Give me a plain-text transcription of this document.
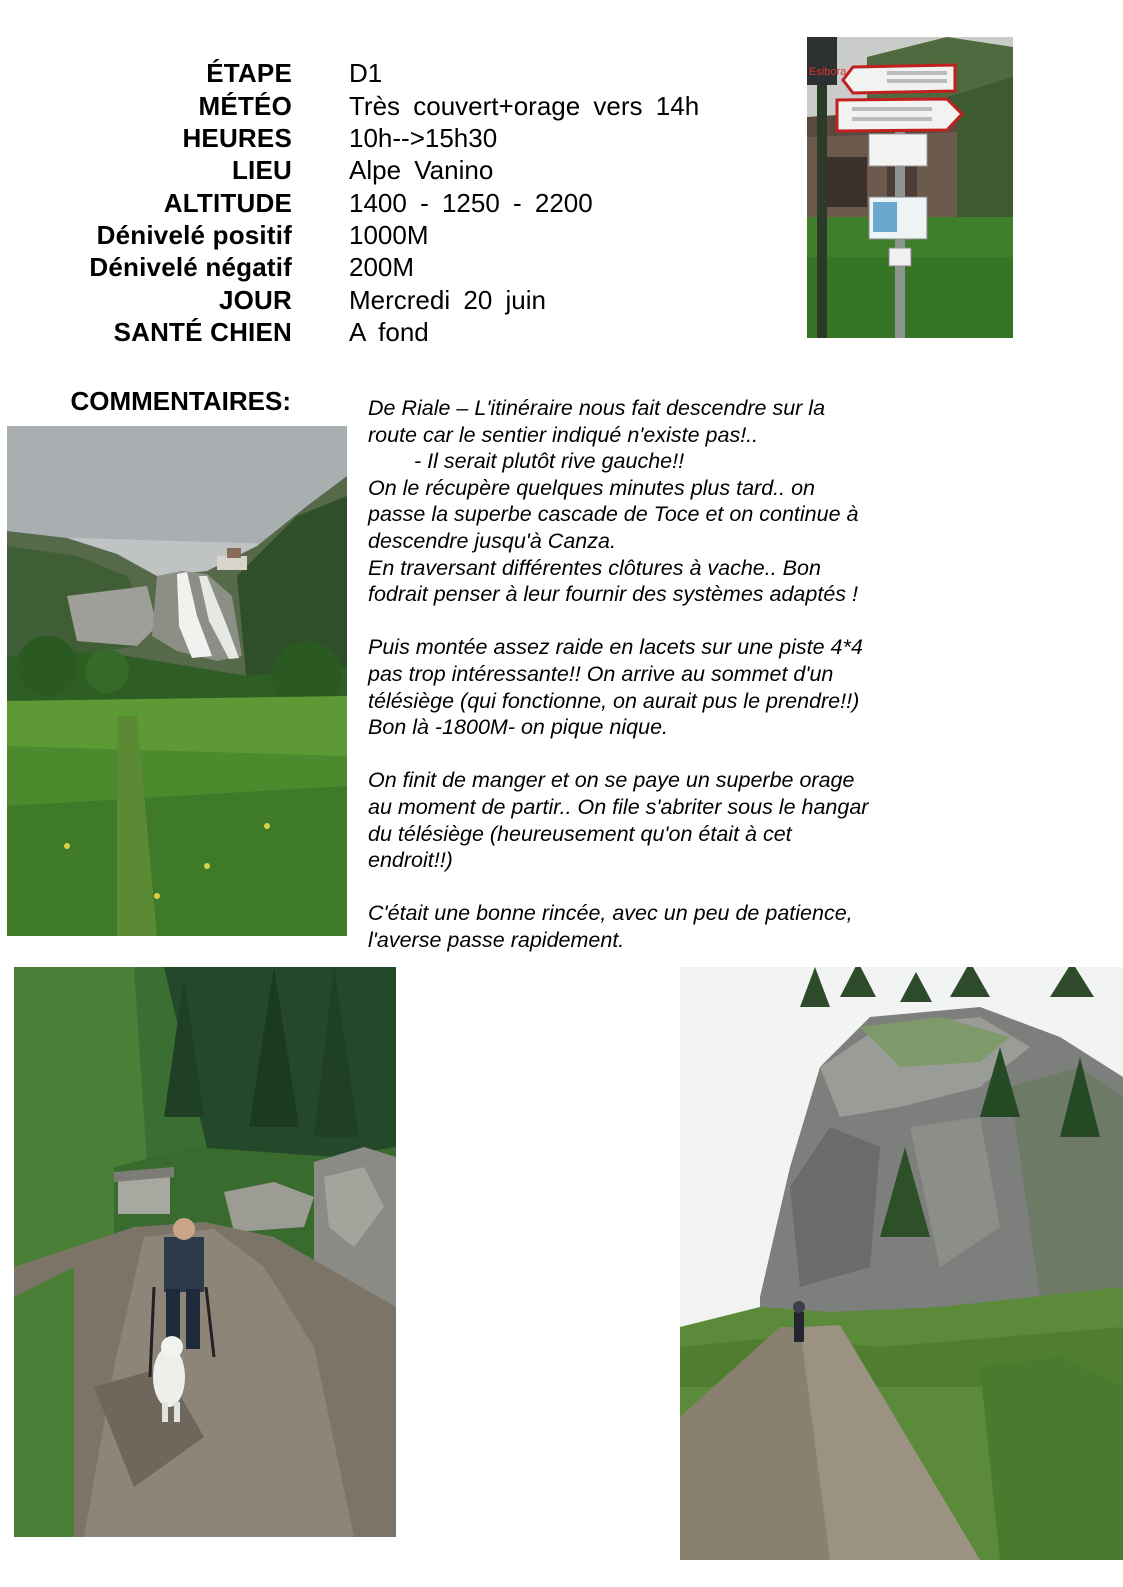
ÉTAPE D1
MÉTÉO Très couvert+orage vers 14h
HEURES 10h-->15h30
LIEU Alpe Vanino
ALTITUDE 1400 - 1250 - 2200
Dénivelé positif 1000M
Dénivelé négatif 200M
JOUR Mercredi 20 juin
SANTÉ CHIEN A fond
Esibora
COMMENTAIRES:	De Riale – L'itinéraire nous fait descendre sur la

route car le sentier indiqué n'existe pas!..

- Il serait plutôt rive gauche!!

On le récupère quelques minutes plus tard.. on

passe la superbe cascade de Toce et on continue à

descendre jusqu'à Canza.

En traversant différentes clôtures à vache.. Bon

fodrait penser à leur fournir des systèmes adaptés !

Puis montée assez raide en lacets sur une piste 4*4

pas trop intéressante!! On arrive au sommet d'un

télésiège (qui fonctionne, on aurait pus le prendre!!)

Bon là -1800M- on pique nique.

On finit de manger et on se paye un superbe orage

au moment de partir.. On file s'abriter sous le hangar

du télésiège (heureusement qu'on était à cet

endroit!!)

C'était une bonne rincée, avec un peu de patience,

l'averse passe rapidement.
